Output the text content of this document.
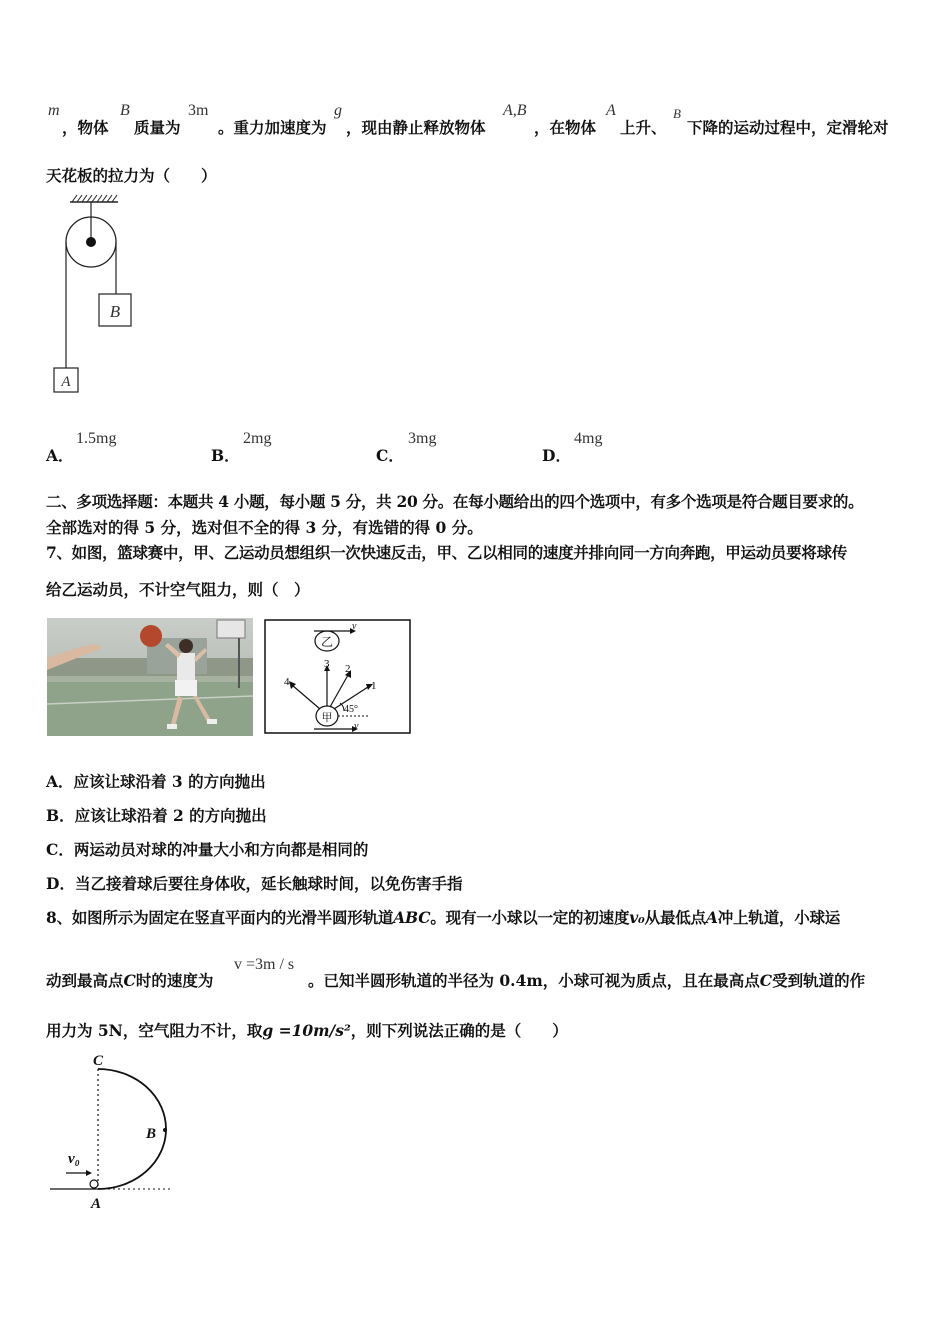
m
，物体
B
质量为
3m
。重力加速度为
g
，现由静止释放物体
A,B
，在物体
A
上升、
B
下降的运动过程中，定滑轮对
天花板的拉力为（　　）
B
A
A．
1.5mg
B．
2mg
C．
3mg
D．
4mg
二、多项选择题：本题共 4 小题，每小题 5 分，共 20 分。在每小题给出的四个选项中，有多个选项是符合题目要求的。
全部选对的得 5 分，选对但不全的得 3 分，有选错的得 0 分。
7、如图，篮球赛中，甲、乙运动员想组织一次快速反击，甲、乙以相同的速度并排向同一方向奔跑，甲运动员要将球传
给乙运动员，不计空气阻力，则（　）
乙
v
甲
v
3 2
1
4
45°
A．应该让球沿着 3 的方向抛出
B．应该让球沿着 2 的方向抛出
C．两运动员对球的冲量大小和方向都是相同的
D．当乙接着球后要往身体收，延长触球时间，以免伤害手指
8、如图所示为固定在竖直平面内的光滑半圆形轨道ABC。现有一小球以一定的初速度v₀从最低点A冲上轨道，小球运
动到最高点C时的速度为
v =3m / s
。已知半圆形轨道的半径为 0.4m，小球可视为质点，且在最高点C受到轨道的作
用力为 5N，空气阻力不计，取g =10m/s²，则下列说法正确的是（　　）
C
B
v₀
A
